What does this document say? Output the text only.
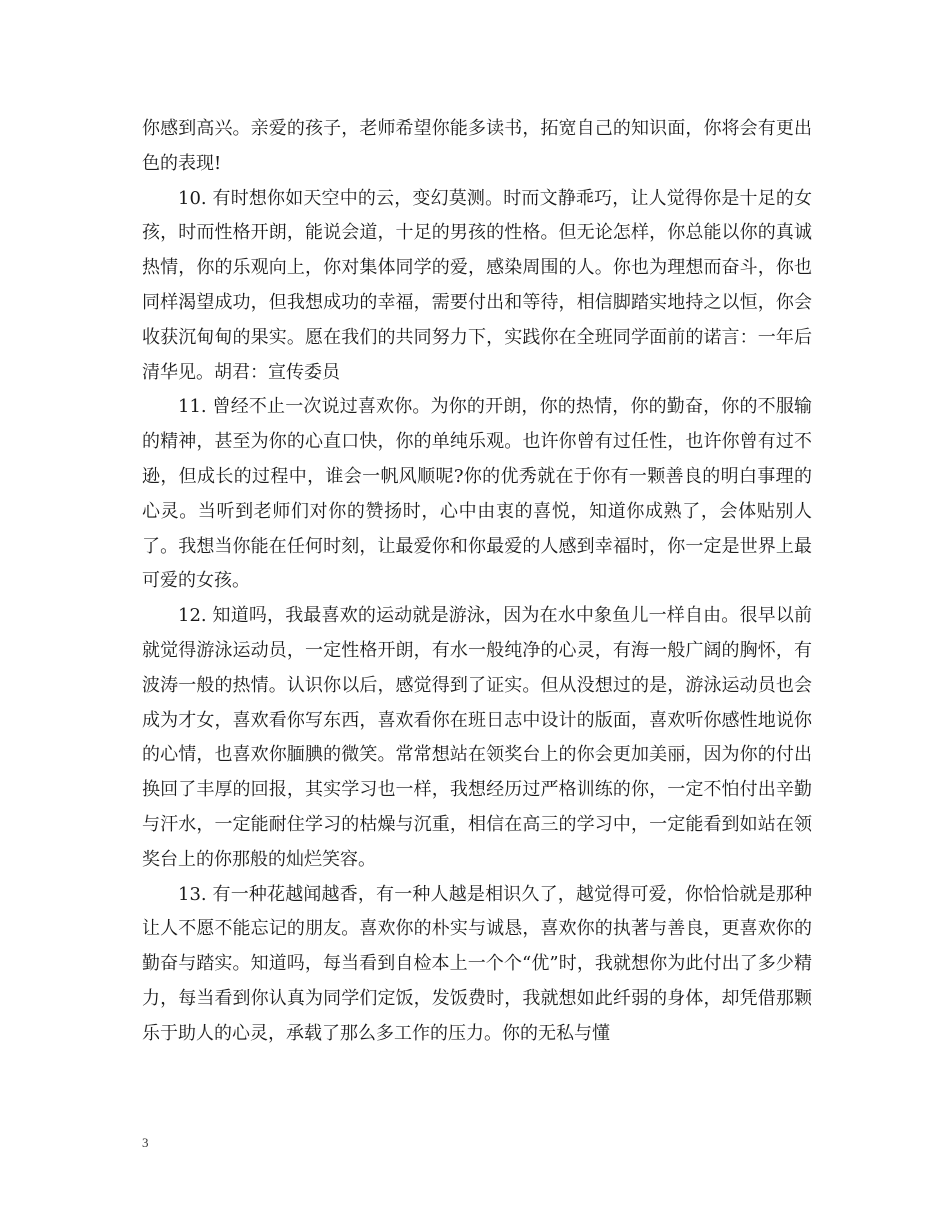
你感到高兴。亲爱的孩子，老师希望你能多读书，拓宽自己的知识面，你将会有更出色的表现!

10. 有时想你如天空中的云，变幻莫测。时而文静乖巧，让人觉得你是十足的女孩，时而性格开朗，能说会道，十足的男孩的性格。但无论怎样，你总能以你的真诚热情，你的乐观向上，你对集体同学的爱，感染周围的人。你也为理想而奋斗，你也同样渴望成功，但我想成功的幸福，需要付出和等待，相信脚踏实地持之以恒，你会收获沉甸甸的果实。愿在我们的共同努力下，实践你在全班同学面前的诺言：一年后清华见。胡君：宣传委员

11. 曾经不止一次说过喜欢你。为你的开朗，你的热情，你的勤奋，你的不服输的精神，甚至为你的心直口快，你的单纯乐观。也许你曾有过任性，也许你曾有过不逊，但成长的过程中，谁会一帆风顺呢?你的优秀就在于你有一颗善良的明白事理的心灵。当听到老师们对你的赞扬时，心中由衷的喜悦，知道你成熟了，会体贴别人了。我想当你能在任何时刻，让最爱你和你最爱的人感到幸福时，你一定是世界上最可爱的女孩。

12. 知道吗，我最喜欢的运动就是游泳，因为在水中象鱼儿一样自由。很早以前就觉得游泳运动员，一定性格开朗，有水一般纯净的心灵，有海一般广阔的胸怀，有波涛一般的热情。认识你以后，感觉得到了证实。但从没想过的是，游泳运动员也会成为才女，喜欢看你写东西，喜欢看你在班日志中设计的版面，喜欢听你感性地说你的心情，也喜欢你腼腆的微笑。常常想站在领奖台上的你会更加美丽，因为你的付出换回了丰厚的回报，其实学习也一样，我想经历过严格训练的你，一定不怕付出辛勤与汗水，一定能耐住学习的枯燥与沉重，相信在高三的学习中，一定能看到如站在领奖台上的你那般的灿烂笑容。

13. 有一种花越闻越香，有一种人越是相识久了，越觉得可爱，你恰恰就是那种让人不愿不能忘记的朋友。喜欢你的朴实与诚恳，喜欢你的执著与善良，更喜欢你的勤奋与踏实。知道吗，每当看到自检本上一个个“优”时，我就想你为此付出了多少精力，每当看到你认真为同学们定饭，发饭费时，我就想如此纤弱的身体，却凭借那颗乐于助人的心灵，承载了那么多工作的压力。你的无私与懂

3
